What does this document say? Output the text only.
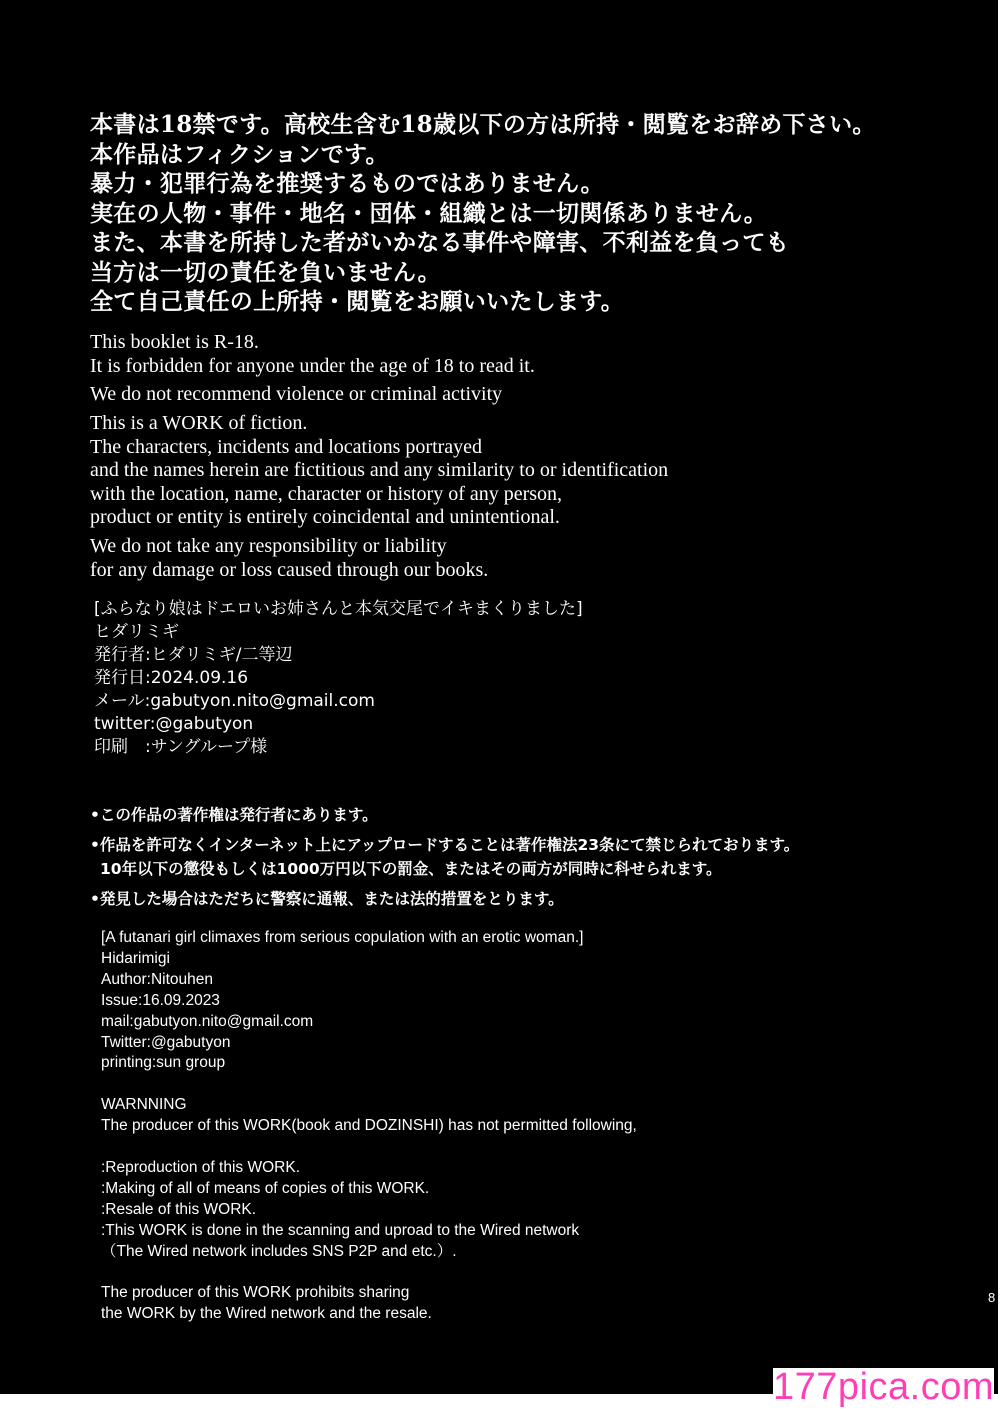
本書は18禁です。高校生含む18歳以下の方は所持・閲覧をお辞め下さい。
本作品はフィクションです。
暴力・犯罪行為を推奨するものではありません。
実在の人物・事件・地名・団体・組織とは一切関係ありません。
また、本書を所持した者がいかなる事件や障害、不利益を負っても
当方は一切の責任を負いません。
全て自己責任の上所持・閲覧をお願いいたします。
This booklet is R-18.
It is forbidden for anyone under the age of 18 to read it.
We do not recommend violence or criminal activity
This is a WORK of fiction.
The characters, incidents and locations portrayed
and the names herein are fictitious and any similarity to or identification
with the location, name, character or history of any person,
product or entity is entirely coincidental and unintentional.
We do not take any responsibility or liability
for any damage or loss caused through our books.
[ふらなり娘はドエロいお姉さんと本気交尾でイキまくりました]
ヒダリミギ
発行者:ヒダリミギ/二等辺
発行日:2024.09.16
メール:gabutyon.nito@gmail.com
twitter:@gabutyon
印刷　:サングループ様
•この作品の著作権は発行者にあります。
•作品を許可なくインターネット上にアップロードすることは著作権法23条にて禁じられております。
10年以下の懲役もしくは1000万円以下の罰金、またはその両方が同時に科せられます。
•発見した場合はただちに警察に通報、または法的措置をとります。
[A futanari girl climaxes from serious copulation with an erotic woman.]
Hidarimigi
Author:Nitouhen
Issue:16.09.2023
mail:gabutyon.nito@gmail.com
Twitter:@gabutyon
printing:sun group
WARNNING
The producer of this WORK(book and DOZINSHI) has not permitted following,
:Reproduction of this WORK.
:Making of all of means of copies of this WORK.
:Resale of this WORK.
:This WORK is done in the scanning and uproad to the Wired network
（The Wired network includes SNS P2P and etc.）.
The producer of this WORK prohibits sharing
the WORK by the Wired network and the resale.
8
177pica.com
